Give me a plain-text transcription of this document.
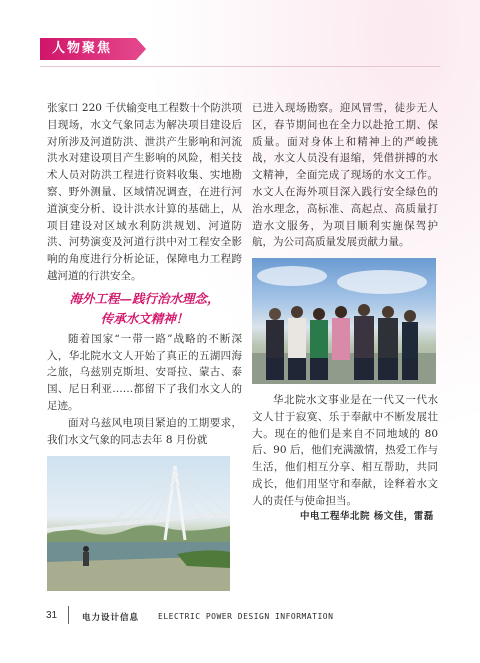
人物聚焦

张家口 220 千伏输变电工程数十个防洪项目现场，水文气象同志为解决项目建设后对所涉及河道防洪、泄洪产生影响和河流洪水对建设项目产生影响的风险，相关技术人员对防洪工程进行资料收集、实地勘察、野外测量、区域情况调查，在进行河道演变分析、设计洪水计算的基础上，从项目建设对区域水利防洪规划、河道防洪、河势演变及河道行洪中对工程安全影响的角度进行分析论证，保障电力工程跨越河道的行洪安全。

海外工程—践行治水理念，
传承水文精神！

随着国家“一带一路”战略的不断深入，华北院水文人开始了真正的五湖四海之旅，乌兹别克斯坦、安哥拉、蒙古、泰国、尼日利亚……都留下了我们水文人的足迹。

面对乌兹风电项目紧迫的工期要求，我们水文气象的同志去年 8 月份就

已进入现场勘察。迎风冒雪，徒步无人区，春节期间也在全力以赴抢工期、保质量。面对身体上和精神上的严峻挑战，水文人员没有退缩，凭借拼搏的水文精神，全面完成了现场的水文工作。水文人在海外项目深入践行安全绿色的治水理念，高标准、高起点、高质量打造水文服务，为项目顺利实施保驾护航，为公司高质量发展贡献力量。

华北院水文事业是在一代又一代水文人甘于寂寞、乐于奉献中不断发展壮大。现在的他们是来自不同地域的 80 后、90 后，他们充满激情，热爱工作与生活，他们相互分享、相互帮助，共同成长，他们用坚守和奉献，诠释着水文人的责任与使命担当。

中电工程华北院 杨文佳，雷磊
31	电力设计信息 ELECTRIC POWER DESIGN INFORMATION
